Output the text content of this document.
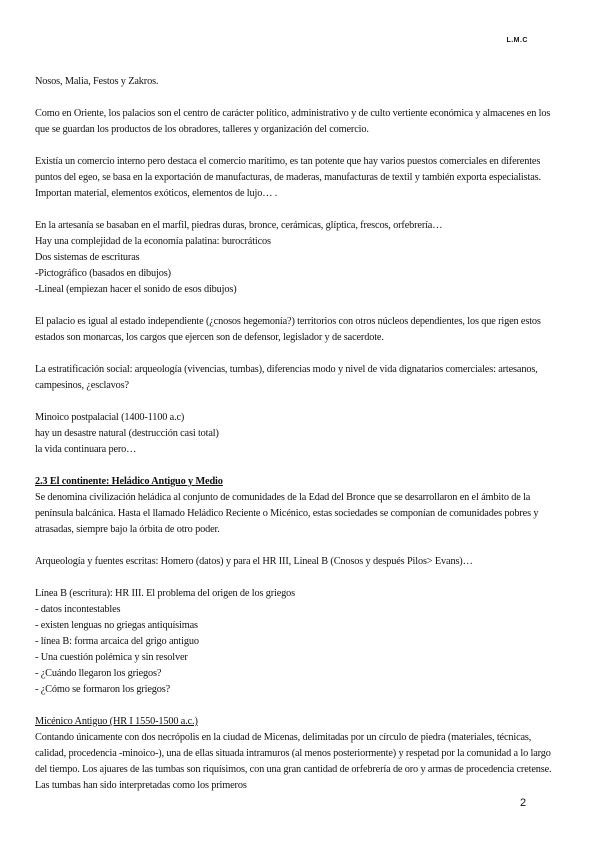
L.M.C

Nosos, Malia, Festos y Zakros.

Como en Oriente, los palacios son el centro de carácter político, administrativo y de culto vertiente económica y almacenes en los que se guardan los productos de los obradores, talleres y organización del comercio.

Existía un comercio interno pero destaca el comercio marítimo, es tan potente que hay varios puestos comerciales en diferentes puntos del egeo, se basa en la exportación de manufacturas, de maderas, manufacturas de textil y también exporta especialistas. Importan material, elementos exóticos, elementos de lujo… .

En la artesanía se basaban en el marfil, piedras duras, bronce, cerámicas, glíptica, frescos, orfebrería…

Hay una complejidad de la economía palatina: burocráticos

Dos sistemas de escrituras

-Pictográfico (basados en dibujos)

-Lineal (empiezan hacer el sonido de esos dibujos)

El palacio es igual al estado independiente (¿cnosos hegemonía?) territorios con otros núcleos dependientes, los que rigen estos estados son monarcas, los cargos que ejercen son de defensor, legislador y de sacerdote.

La estratificación social: arqueología (vivencias, tumbas), diferencias modo y nivel de vida dignatarios comerciales: artesanos, campesinos, ¿esclavos?

Minoico postpalacial (1400-1100 a.c)

hay un desastre natural (destrucción casi total)

la vida continuara pero…

2.3 El continente: Heládico Antiguo y Medio

Se denomina civilización heládica al conjunto de comunidades de la Edad del Bronce que se desarrollaron en el ámbito de la península balcánica. Hasta el llamado Heládico Reciente o Micénico, estas sociedades se componían de comunidades pobres y atrasadas, siempre bajo la órbita de otro poder.

Arqueología y fuentes escritas: Homero (datos) y para el HR III, Lineal B (Cnosos y después Pilos> Evans)…

Línea B (escritura): HR III. El problema del origen de los griegos

- datos incontestables

- existen lenguas no griegas antiquísimas

- línea B: forma arcaica del grigo antiguo

- Una cuestión polémica y sin resolver

- ¿Cuándo llegaron los griegos?

- ¿Cómo se formaron los griegos?

Micénico Antiguo (HR I 1550-1500 a.c.)

Contando únicamente con dos necrópolis en la ciudad de Micenas, delimitadas por un círculo de piedra (materiales, técnicas, calidad, procedencia -minoico-), una de ellas situada intramuros (al menos posteriormente) y respetad por la comunidad a lo largo del tiempo. Los ajuares de las tumbas son riquísimos, con una gran cantidad de orfebrería de oro y armas de procedencia cretense. Las tumbas han sido interpretadas como los primeros

2
